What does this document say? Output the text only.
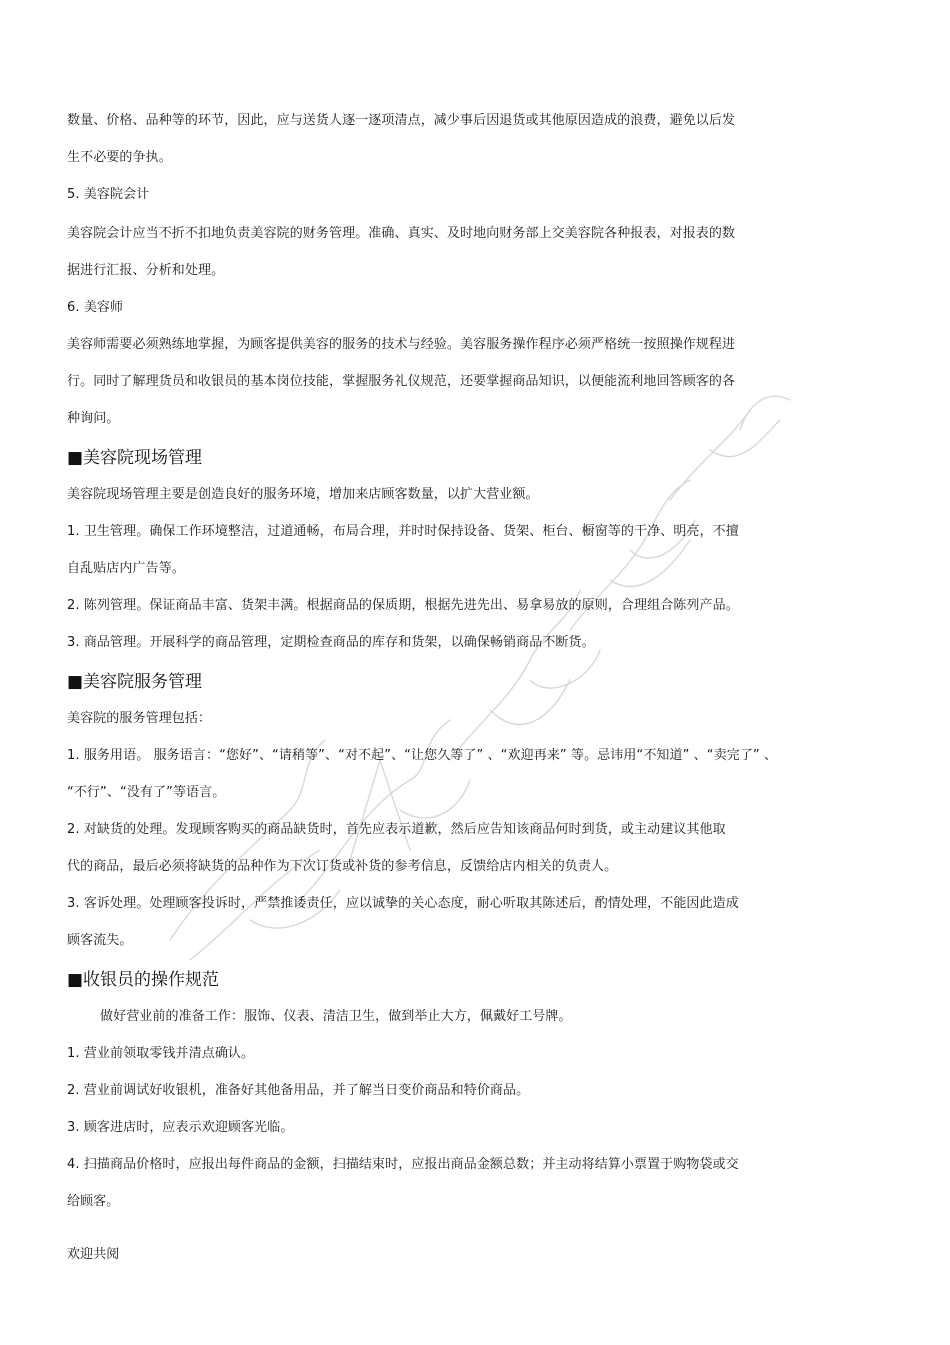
数量、价格、品种等的环节，因此，应与送货人逐一逐项清点，减少事后因退货或其他原因造成的浪费，避免以后发
生不必要的争执。
5. 美容院会计
美容院会计应当不折不扣地负责美容院的财务管理。准确、真实、及时地向财务部上交美容院各种报表，对报表的数
据进行汇报、分析和处理。
6. 美容师
美容师需要必须熟练地掌握，为顾客提供美容的服务的技术与经验。美容服务操作程序必须严格统一按照操作规程进
行。同时了解理货员和收银员的基本岗位技能，掌握服务礼仪规范，还要掌握商品知识，以便能流利地回答顾客的各
种询问。
■美容院现场管理
美容院现场管理主要是创造良好的服务环境，增加来店顾客数量，以扩大营业额。
1. 卫生管理。确保工作环境整洁，过道通畅，布局合理，并时时保持设备、货架、柜台、橱窗等的干净、明亮，不擅
自乱贴店内广告等。
2. 陈列管理。保证商品丰富、货架丰满。根据商品的保质期，根据先进先出、易拿易放的原则，合理组合陈列产品。
3. 商品管理。开展科学的商品管理，定期检查商品的库存和货架，以确保畅销商品不断货。
■美容院服务管理
美容院的服务管理包括：
1. 服务用语。 服务语言：“您好”、“请稍等”、“对不起”、“让您久等了” 、“欢迎再来” 等。忌讳用“不知道” 、“卖完了” 、
“不行”、“没有了”等语言。
2. 对缺货的处理。发现顾客购买的商品缺货时，首先应表示道歉，然后应告知该商品何时到货，或主动建议其他取
代的商品，最后必须将缺货的品种作为下次订货或补货的参考信息，反馈给店内相关的负责人。
3. 客诉处理。处理顾客投诉时，严禁推诿责任，应以诚挚的关心态度，耐心听取其陈述后，酌情处理，不能因此造成
顾客流失。
■收银员的操作规范
做好营业前的准备工作：服饰、仪表、清洁卫生，做到举止大方，佩戴好工号牌。
1. 营业前领取零钱并清点确认。
2. 营业前调试好收银机，准备好其他备用品，并了解当日变价商品和特价商品。
3. 顾客进店时，应表示欢迎顾客光临。
4. 扫描商品价格时，应报出每件商品的金额，扫描结束时，应报出商品金额总数；并主动将结算小票置于购物袋或交
给顾客。
欢迎共阅
